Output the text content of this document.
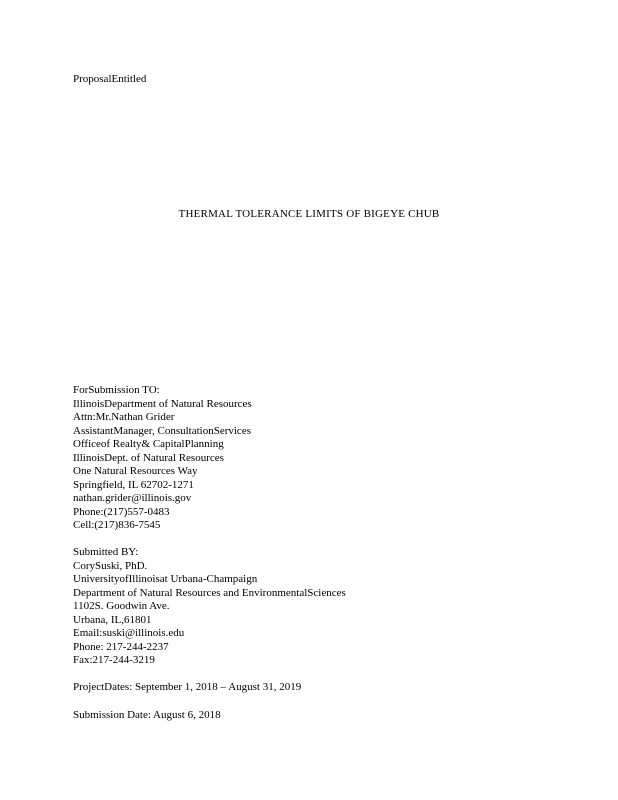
ProposalEntitled
THERMAL TOLERANCE LIMITS OF BIGEYE CHUB
ForSubmission TO:
IllinoisDepartment of Natural Resources
Attn:Mr.Nathan Grider
AssistantManager, ConsultationServices
Officeof Realty& CapitalPlanning
IllinoisDept. of Natural Resources
One Natural Resources Way
Springfield, IL 62702-1271
nathan.grider@illinois.gov
Phone:(217)557-0483
Cell:(217)836-7545
Submitted BY:
CorySuski, PhD.
UniversityofIllinoisat Urbana-Champaign
Department of Natural Resources and EnvironmentalSciences
1102S. Goodwin Ave.
Urbana, IL,61801
Email:suski@illinois.edu
Phone: 217-244-2237
Fax:217-244-3219
ProjectDates: September 1, 2018 – August 31, 2019
Submission Date: August 6, 2018
